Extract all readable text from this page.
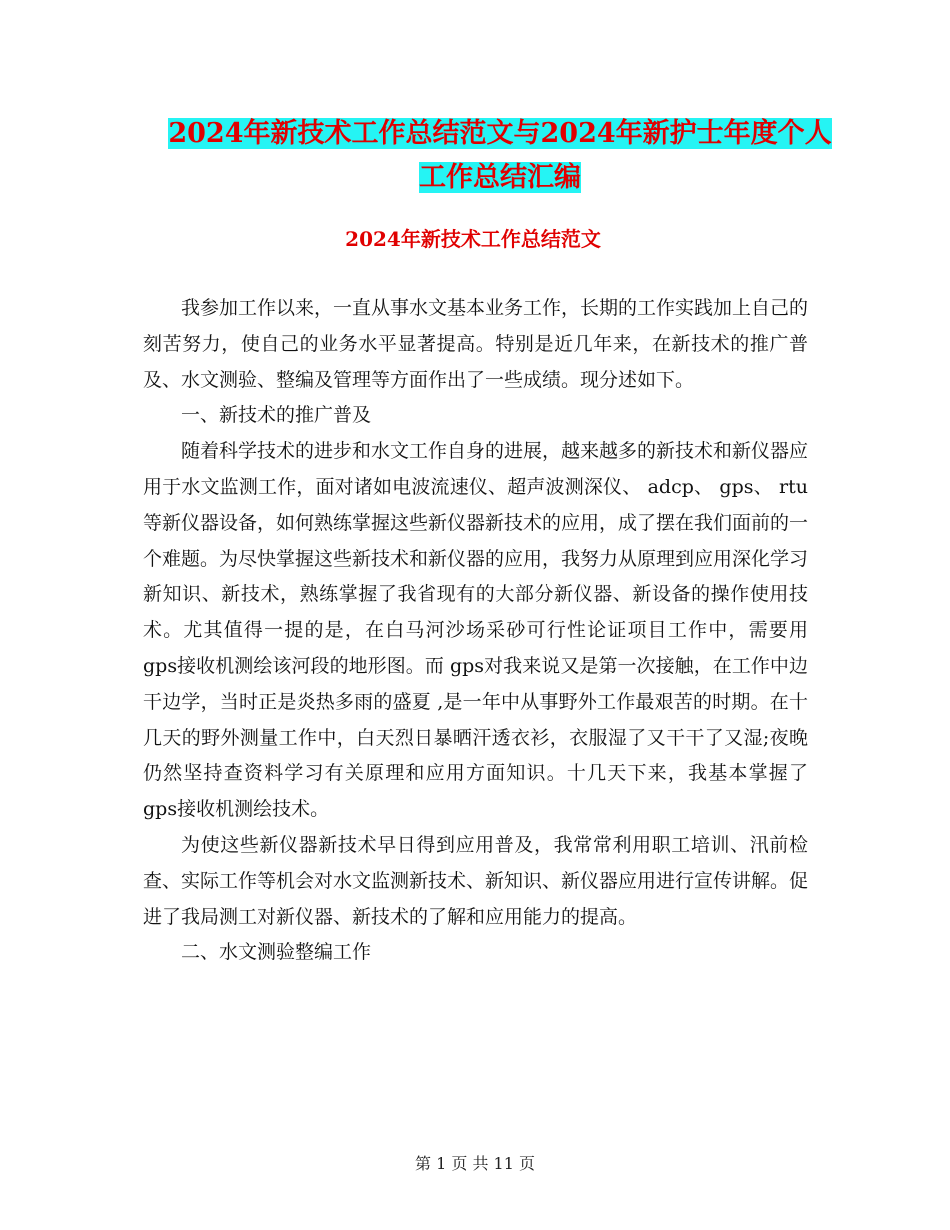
2024年新技术工作总结范文与2024年新护士年度个人
工作总结汇编
2024年新技术工作总结范文

我参加工作以来，一直从事水文基本业务工作，长期的工作实践加上自己的刻苦努力，使自己的业务水平显著提高。特别是近几年来，在新技术的推广普及、水文测验、整编及管理等方面作出了一些成绩。现分述如下。

一、新技术的推广普及

随着科学技术的进步和水文工作自身的进展，越来越多的新技术和新仪器应用于水文监测工作，面对诸如电波流速仪、超声波测深仪、 adcp、 gps、 rtu等新仪器设备，如何熟练掌握这些新仪器新技术的应用，成了摆在我们面前的一个难题。为尽快掌握这些新技术和新仪器的应用，我努力从原理到应用深化学习新知识、新技术，熟练掌握了我省现有的大部分新仪器、新设备的操作使用技术。尤其值得一提的是，在白马河沙场采砂可行性论证项目工作中，需要用 gps接收机测绘该河段的地形图。而 gps对我来说又是第一次接触，在工作中边干边学，当时正是炎热多雨的盛夏 ,是一年中从事野外工作最艰苦的时期。在十几天的野外测量工作中，白天烈日暴晒汗透衣衫，衣服湿了又干干了又湿;夜晚仍然坚持查资料学习有关原理和应用方面知识。十几天下来，我基本掌握了 gps接收机测绘技术。

为使这些新仪器新技术早日得到应用普及，我常常利用职工培训、汛前检查、实际工作等机会对水文监测新技术、新知识、新仪器应用进行宣传讲解。促进了我局测工对新仪器、新技术的了解和应用能力的提高。

二、水文测验整编工作

第 1 页 共 11 页
